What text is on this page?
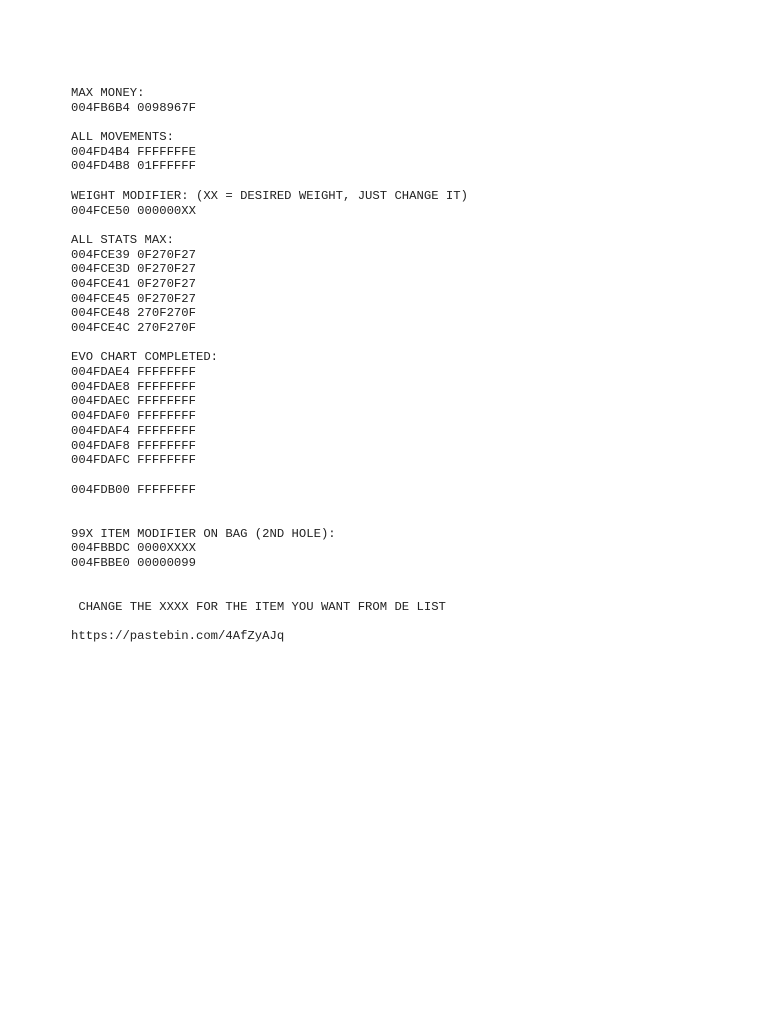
MAX MONEY:
004FB6B4 0098967F
ALL MOVEMENTS:
004FD4B4 FFFFFFFE
004FD4B8 01FFFFFF
WEIGHT MODIFIER: (XX = DESIRED WEIGHT, JUST CHANGE IT)
004FCE50 000000XX
ALL STATS MAX:
004FCE39 0F270F27
004FCE3D 0F270F27
004FCE41 0F270F27
004FCE45 0F270F27
004FCE48 270F270F
004FCE4C 270F270F
EVO CHART COMPLETED:
004FDAE4 FFFFFFFF
004FDAE8 FFFFFFFF
004FDAEC FFFFFFFF
004FDAF0 FFFFFFFF
004FDAF4 FFFFFFFF
004FDAF8 FFFFFFFF
004FDAFC FFFFFFFF
004FDB00 FFFFFFFF
99X ITEM MODIFIER ON BAG (2ND HOLE):
004FBBDC 0000XXXX
004FBBE0 00000099
CHANGE THE XXXX FOR THE ITEM YOU WANT FROM DE LIST
https://pastebin.com/4AfZyAJq
